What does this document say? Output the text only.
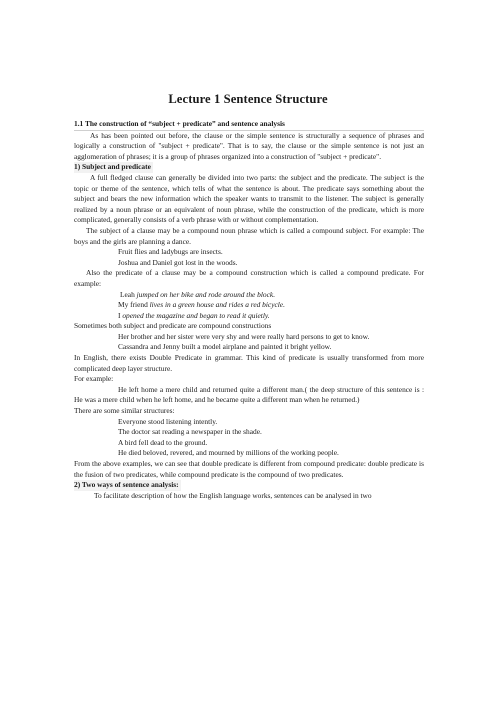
Lecture 1 Sentence Structure

1.1 The construction of “subject + predicate” and sentence analysis

As has been pointed out before, the clause or the simple sentence is structurally a sequence of phrases and logically a construction of "subject + predicate". That is to say, the clause or the simple sentence is not just an agglomeration of phrases; it is a group of phrases organized into a construction of "subject + predicate".

1) Subject and predicate

A full fledged clause can generally be divided into two parts: the subject and the predicate. The subject is the topic or theme of the sentence, which tells of what the sentence is about. The predicate says something about the subject and bears the new information which the speaker wants to transmit to the listener. The subject is generally realized by a noun phrase or an equivalent of noun phrase, while the construction of the predicate, which is more complicated, generally consists of a verb phrase with or without complementation.

The subject of a clause may be a compound noun phrase which is called a compound subject. For example: The boys and the girls are planning a dance.

Fruit flies and ladybugs are insects.

Joshua and Daniel got lost in the woods.

Also the predicate of a clause may be a compound construction which is called a compound predicate. For example:

Leah jumped on her bike and rode around the block.

My friend lives in a green house and rides a red bicycle.

I opened the magazine and began to read it quietly.

Sometimes both subject and predicate are compound constructions

Her brother and her sister were very shy and were really hard persons to get to know.

Cassandra and Jenny built a model airplane and painted it bright yellow.

In English, there exists Double Predicate in grammar. This kind of predicate is usually transformed from more complicated deep layer structure.

For example:

He left home a mere child and returned quite a different man.( the deep structure of this sentence is : He was a mere child when he left home, and he became quite a different man when he returned.)

There are some similar structures:

Everyone stood listening intently.

The doctor sat reading a newspaper in the shade.

A bird fell dead to the ground.

He died beloved, revered, and mourned by millions of the working people.

From the above examples, we can see that double predicate is different from compound predicate: double predicate is the fusion of two predicates, while compound predicate is the compound of two predicates.

2) Two ways of sentence analysis:

To facilitate description of how the English language works, sentences can be analysed in two
